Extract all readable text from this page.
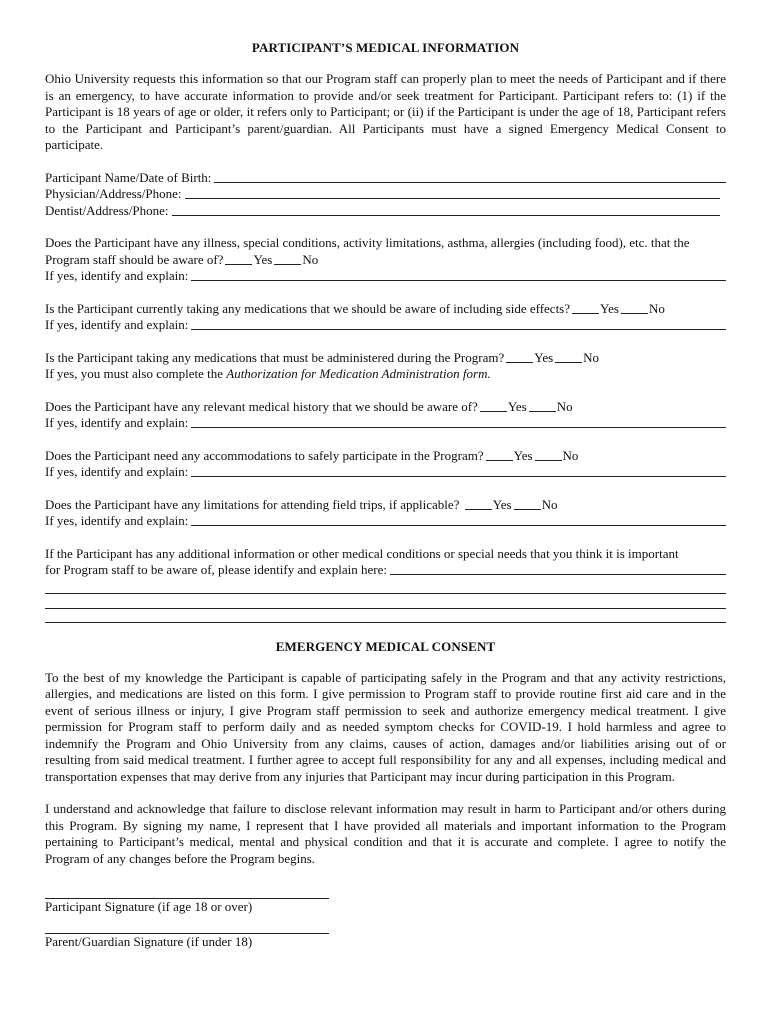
PARTICIPANT’S MEDICAL INFORMATION

Ohio University requests this information so that our Program staff can properly plan to meet the needs of Participant and if there is an emergency, to have accurate information to provide and/or seek treatment for Participant. Participant refers to: (1) if the Participant is 18 years of age or older, it refers only to Participant; or (ii) if the Participant is under the age of 18, Participant refers to the Participant and Participant’s parent/guardian. All Participants must have a signed Emergency Medical Consent to participate.

Participant Name/Date of Birth:
Physician/Address/Phone:
Dentist/Address/Phone:
Does the Participant have any illness, special conditions, activity limitations, asthma, allergies (including food), etc. that the
Program staff should be aware of? Yes No
If yes, identify and explain:
Is the Participant currently taking any medications that we should be aware of including side effects? Yes No
If yes, identify and explain:
Is the Participant taking any medications that must be administered during the Program? Yes No
If yes, you must also complete the
Authorization for Medication Administration form.
Does the Participant have any relevant medical history that we should be aware of? Yes No
If yes, identify and explain:
Does the Participant need any accommodations to safely participate in the Program? Yes No
If yes, identify and explain:
Does the Participant have any limitations for attending field trips, if applicable?
	Yes No
If yes, identify and explain:
If the Participant has any additional information or other medical conditions or special needs that you think it is important
for Program staff to be aware of, please identify and explain here:
EMERGENCY MEDICAL CONSENT

To the best of my knowledge the Participant is capable of participating safely in the Program and that any activity restrictions, allergies, and medications are listed on this form. I give permission to Program staff to provide routine first aid care and in the event of serious illness or injury, I give Program staff permission to seek and authorize emergency medical treatment. I give permission for Program staff to perform daily and as needed symptom checks for COVID-19. I hold harmless and agree to indemnify the Program and Ohio University from any claims, causes of action, damages and/or liabilities arising out of or resulting from said medical treatment. I further agree to accept full responsibility for any and all expenses, including medical and transportation expenses that may derive from any injuries that Participant may incur during participation in this Program.

I understand and acknowledge that failure to disclose relevant information may result in harm to Participant and/or others during this Program. By signing my name, I represent that I have provided all materials and important information to the Program pertaining to Participant’s medical, mental and physical condition and that it is accurate and complete. I agree to notify the Program of any changes before the Program begins.

Participant Signature (if age 18 or over)
Parent/Guardian Signature (if under 18)
